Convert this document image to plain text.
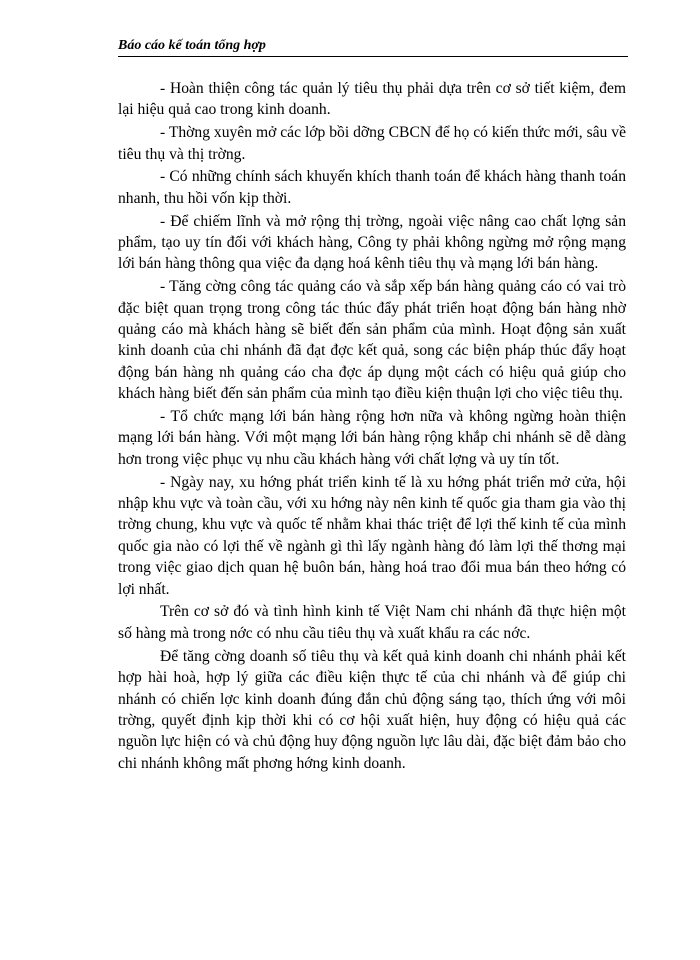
Báo cáo kế toán tổng hợp

- Hoàn thiện công tác quản lý tiêu thụ phải dựa trên cơ sở tiết kiệm, đem lại hiệu quả cao trong kinh doanh.

- Thờng xuyên mở các lớp bồi dỡng CBCN để họ có kiến thức mới, sâu về tiêu thụ và thị trờng.

- Có những chính sách khuyến khích thanh toán để khách hàng thanh toán nhanh, thu hồi vốn kịp thời.

- Để chiếm lĩnh và mở rộng thị trờng, ngoài việc nâng cao chất lợng sản phẩm, tạo uy tín đối với khách hàng, Công ty phải không ngừng mở rộng mạng lới bán hàng thông qua việc đa dạng hoá kênh tiêu thụ và mạng lới bán hàng.

- Tăng cờng công tác quảng cáo và sắp xếp bán hàng quảng cáo có vai trò đặc biệt quan trọng trong công tác thúc đẩy phát triển hoạt động bán hàng nhờ quảng cáo mà khách hàng sẽ biết đến sản phẩm của mình. Hoạt động sản xuất kinh doanh của chi nhánh đã đạt đợc kết quả, song các biện pháp thúc đẩy hoạt động bán hàng nh quảng cáo cha đợc áp dụng một cách có hiệu quả giúp cho khách hàng biết đến sản phẩm của mình tạo điều kiện thuận lợi cho việc tiêu thụ.

- Tổ chức mạng lới bán hàng rộng hơn nữa và không ngừng hoàn thiện mạng lới bán hàng. Với một mạng lới bán hàng rộng khắp chi nhánh sẽ dễ dàng hơn trong việc phục vụ nhu cầu khách hàng với chất lợng và uy tín tốt.

- Ngày nay, xu hớng phát triển kinh tế là xu hớng phát triển mở cửa, hội nhập khu vực và toàn cầu, với xu hớng này nên kinh tế quốc gia tham gia vào thị trờng chung, khu vực và quốc tế nhằm khai thác triệt để lợi thế kinh tế của mình quốc gia nào có lợi thế về ngành gì thì lấy ngành hàng đó làm lợi thế thơng mại trong việc giao dịch quan hệ buôn bán, hàng hoá trao đổi mua bán theo hớng có lợi nhất.

Trên cơ sở đó và tình hình kinh tế Việt Nam chi nhánh đã thực hiện một số hàng mà trong nớc có nhu cầu tiêu thụ và xuất khẩu ra các nớc.

Để tăng cờng doanh số tiêu thụ và kết quả kinh doanh chi nhánh phải kết hợp hài hoà, hợp lý giữa các điều kiện thực tế của chi nhánh và để giúp chi nhánh có chiến lợc kinh doanh đúng đắn chủ động sáng tạo, thích ứng với môi trờng, quyết định kịp thời khi có cơ hội xuất hiện, huy động có hiệu quả các nguồn lực hiện có và chủ động huy động nguồn lực lâu dài, đặc biệt đảm bảo cho chi nhánh không mất phơng hớng kinh doanh.
